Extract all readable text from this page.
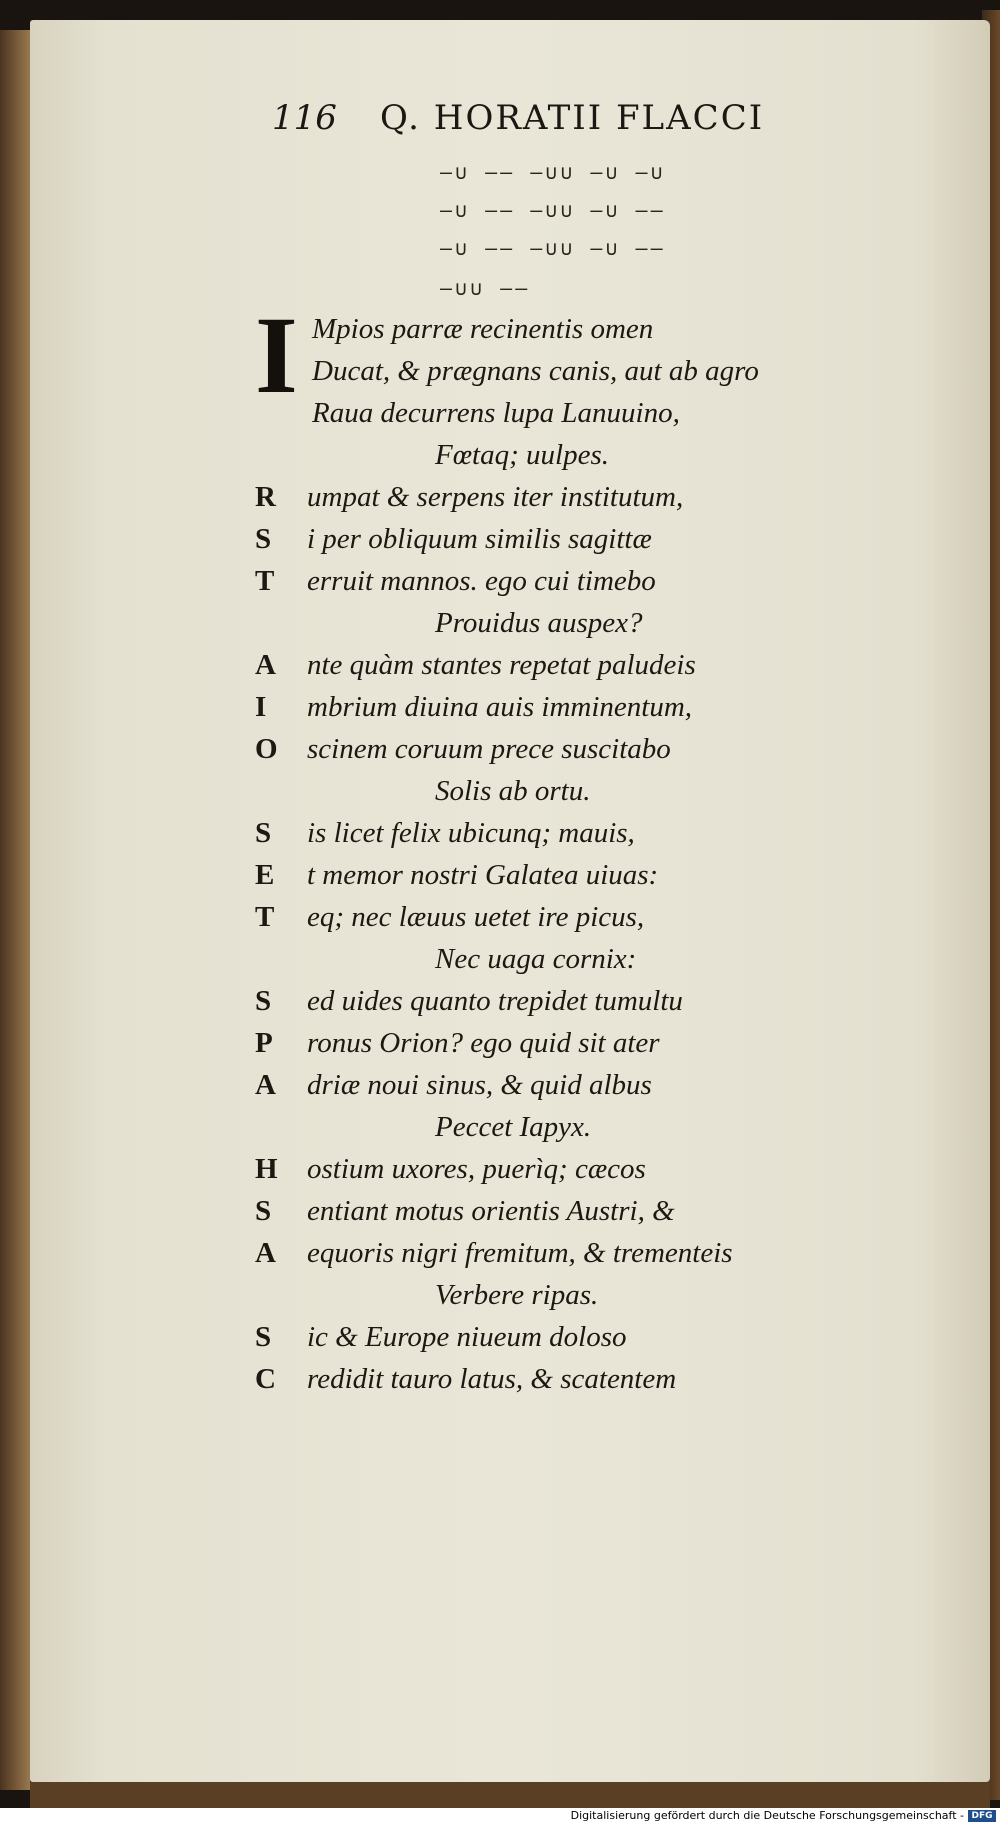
116 Q. HORATII FLACCI
–∪ –– –∪∪ –∪ –∪
–∪ –– –∪∪ –∪ ––
–∪ –– –∪∪ –∪ ––
–∪∪ ––
I Mpios parræ recinentis omen
Ducat, & prægnans canis, aut ab agro
Raua decurrens lupa Lanuuino,
Fœtaq; uulpes.
R umpat & serpens iter institutum,
S i per obliquum similis sagittæ
T erruit mannos. ego cui timebo
Prouidus auspex?
A nte quàm stantes repetat paludeis
I mbrium diuina auis imminentum,
O scinem coruum prece suscitabo
Solis ab ortu.
S is licet felix ubicunq; mauis,
E t memor nostri Galatea uiuas:
T eq; nec læuus uetet ire picus,
Nec uaga cornix:
S ed uides quanto trepidet tumultu
P ronus Orion? ego quid sit ater
A driæ noui sinus, & quid albus
Peccet Iapyx.
H ostium uxores, puerìq; cæcos
S entiant motus orientis Austri, &
A equoris nigri fremitum, & trementeis
Verbere ripas.
S ic & Europe niueum doloso
C redidit tauro latus, & scatentem
Digitalisierung gefördert durch die Deutsche Forschungsgemeinschaft - DFG
